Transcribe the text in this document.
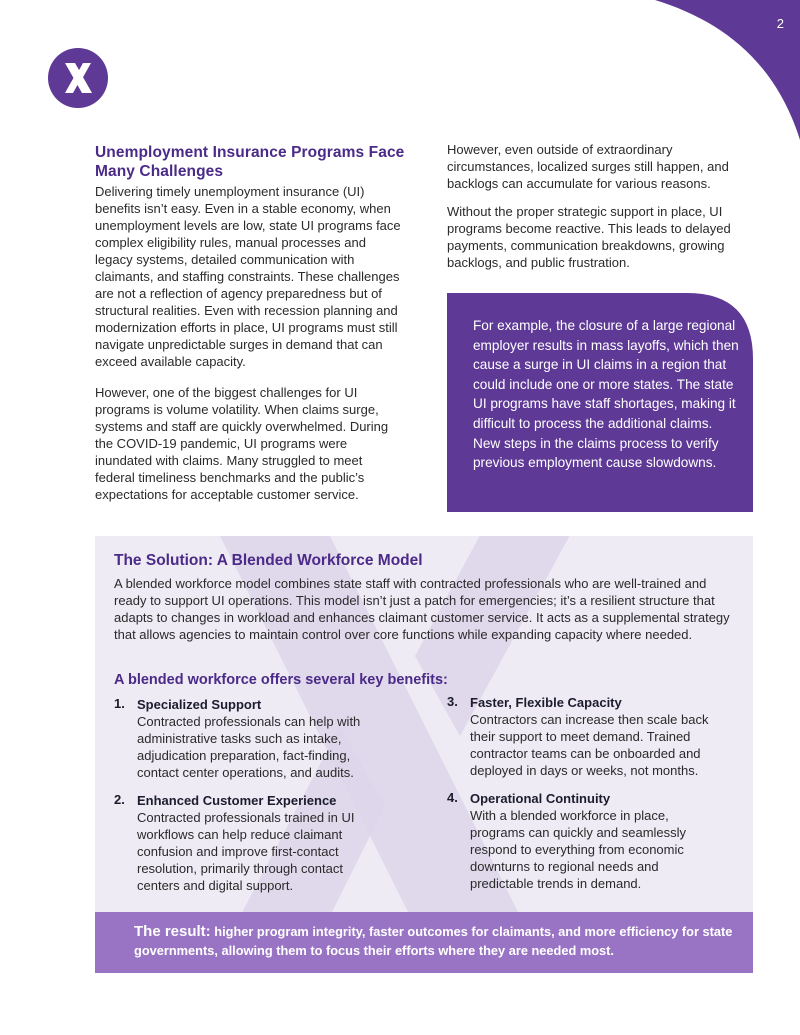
2
Unemployment Insurance Programs Face Many Challenges

Delivering timely unemployment insurance (UI) benefits isn’t easy. Even in a stable economy, when unemployment levels are low, state UI programs face complex eligibility rules, manual processes and legacy systems, detailed communication with claimants, and staffing constraints. These challenges are not a reflection of agency preparedness but of structural realities. Even with recession planning and modernization efforts in place, UI programs must still navigate unpredictable surges in demand that can exceed available capacity.

However, one of the biggest challenges for UI programs is volume volatility. When claims surge, systems and staff are quickly overwhelmed. During the COVID-19 pandemic, UI programs were inundated with claims. Many struggled to meet federal timeliness benchmarks and the public’s expectations for acceptable customer service.

However, even outside of extraordinary circumstances, localized surges still happen, and backlogs can accumulate for various reasons.

Without the proper strategic support in place, UI programs become reactive. This leads to delayed payments, communication breakdowns, growing backlogs, and public frustration.

For example, the closure of a large regional employer results in mass layoffs, which then cause a surge in UI claims in a region that could include one or more states. The state UI programs have staff shortages, making it difficult to process the additional claims. New steps in the claims process to verify previous employment cause slowdowns.
The Solution: A Blended Workforce Model
A blended workforce model combines state staff with contracted professionals who are well-trained and ready to support UI operations. This model isn’t just a patch for emergencies; it’s a resilient structure that adapts to changes in workload and enhances claimant customer service. It acts as a supplemental strategy that allows agencies to maintain control over core functions while expanding capacity where needed.
A blended workforce offers several key benefits:
1. Specialized Support
Contracted professionals can help with administrative tasks such as intake, adjudication preparation, fact-finding, contact center operations, and audits.
2. Enhanced Customer Experience
Contracted professionals trained in UI workflows can help reduce claimant confusion and improve first-contact resolution, primarily through contact centers and digital support.
3. Faster, Flexible Capacity
Contractors can increase then scale back their support to meet demand. Trained contractor teams can be onboarded and deployed in days or weeks, not months.
4. Operational Continuity
With a blended workforce in place, programs can quickly and seamlessly respond to everything from economic downturns to regional needs and predictable trends in demand.
The result: higher program integrity, faster outcomes for claimants, and more efficiency for state governments, allowing them to focus their efforts where they are needed most.
